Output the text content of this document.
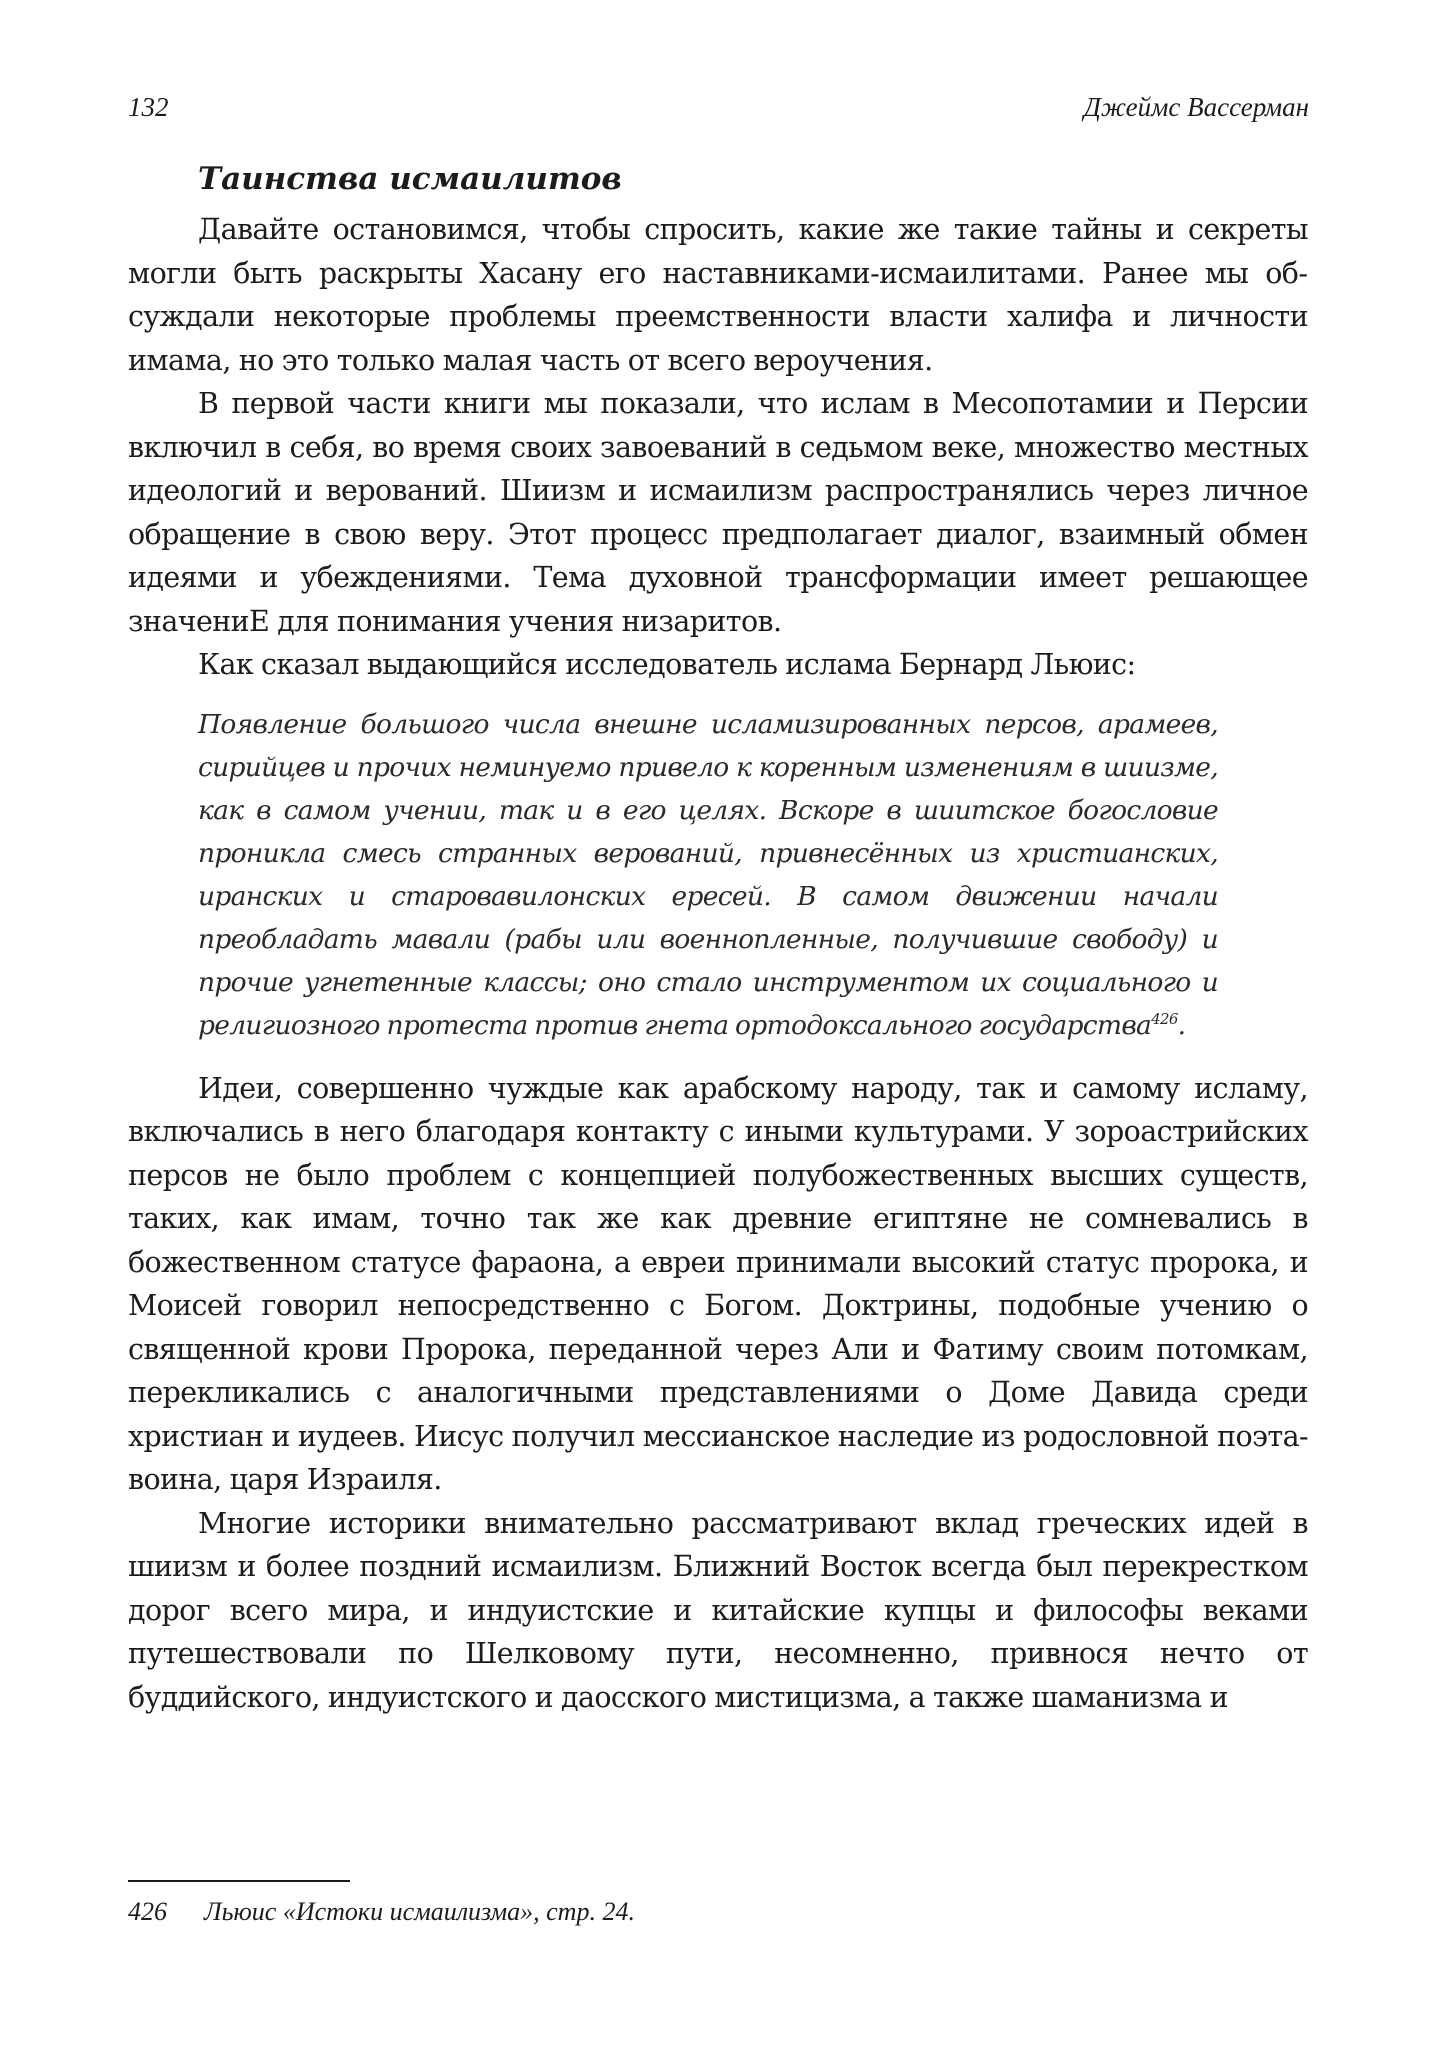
132	Джеймс Вассерман
Таинства исмаилитов

Давайте остановимся, чтобы спросить, какие же такие тайны и секреты могли быть раскрыты Хасану его наставниками-исмаилитами. Ранее мы обсуждали некоторые проблемы преемственности власти халифа и личности имама, но это только малая часть от всего вероучения.

В первой части книги мы показали, что ислам в Месопотамии и Персии включил в себя, во время своих завоеваний в седьмом веке, множество местных идеологий и верований. Шиизм и исмаилизм распространялись через личное обращение в свою веру. Этот процесс предполагает диалог, взаимный обмен идеями и убеждениями. Тема духовной трансформации имеет решающее значениЕ для понимания учения низаритов.

Как сказал выдающийся исследователь ислама Бернард Льюис:

Появление большого числа внешне исламизированных персов, арамеев, сирийцев и прочих неминуемо привело к коренным изменениям в шиизме, как в самом учении, так и в его целях. Вскоре в шиитское богословие проникла смесь странных верований, привнесённых из христианских, иранских и старовавилонских ересей. В самом движении начали преобладать мавали (рабы или военнопленные, получившие свободу) и прочие угнетенные классы; оно стало инструментом их социального и религиозного протеста против гнета ортодоксального государства$^{426}$.

Идеи, совершенно чуждые как арабскому народу, так и самому исламу, включались в него благодаря контакту с иными культурами. У зороастрийских персов не было проблем с концепцией полубожественных высших существ, таких, как имам, точно так же как древние египтяне не сомневались в божественном статусе фараона, а евреи принимали высокий статус пророка, и Моисей говорил непосредственно с Богом. Доктрины, подобные учению о священной крови Пророка, переданной через Али и Фатиму своим потомкам, перекликались с аналогичными представлениями о Доме Давида среди христиан и иудеев. Иисус получил мессианское наследие из родословной поэта-воина, царя Израиля.

Многие историки внимательно рассматривают вклад греческих идей в шиизм и более поздний исмаилизм. Ближний Восток всегда был перекрестком дорог всего мира, и индуистские и китайские купцы и философы веками путешествовали по Шелковому пути, несомненно, привнося нечто от буддийского, индуистского и даосского мистицизма, а также шаманизма и

426 Льюис «Истоки исмаилизма», стр. 24.
